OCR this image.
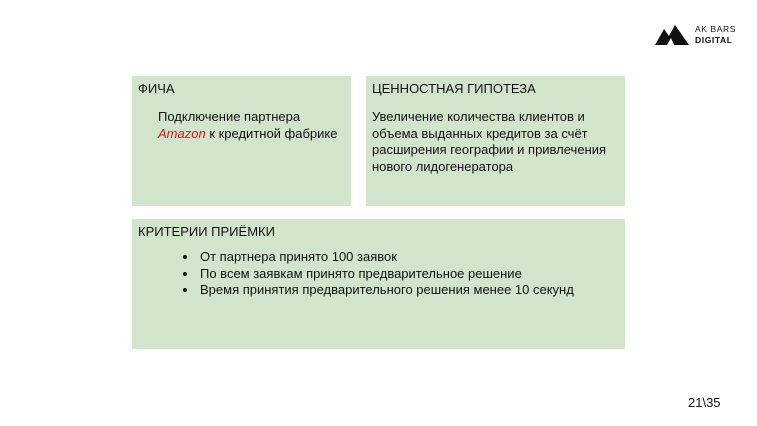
AK BARS
DIGITAL
ФИЧА
Подключение партнера Amazon к кредитной фабрике
ЦЕННОСТНАЯ ГИПОТЕЗА
Увеличение количества клиентов и объема выданных кредитов за счёт расширения географии и привлечения нового лидогенератора
КРИТЕРИИ ПРИЁМКИ
• От партнера принято 100 заявок
• По всем заявкам принято предварительное решение
• Время принятия предварительного решения менее 10 секунд
21\35
